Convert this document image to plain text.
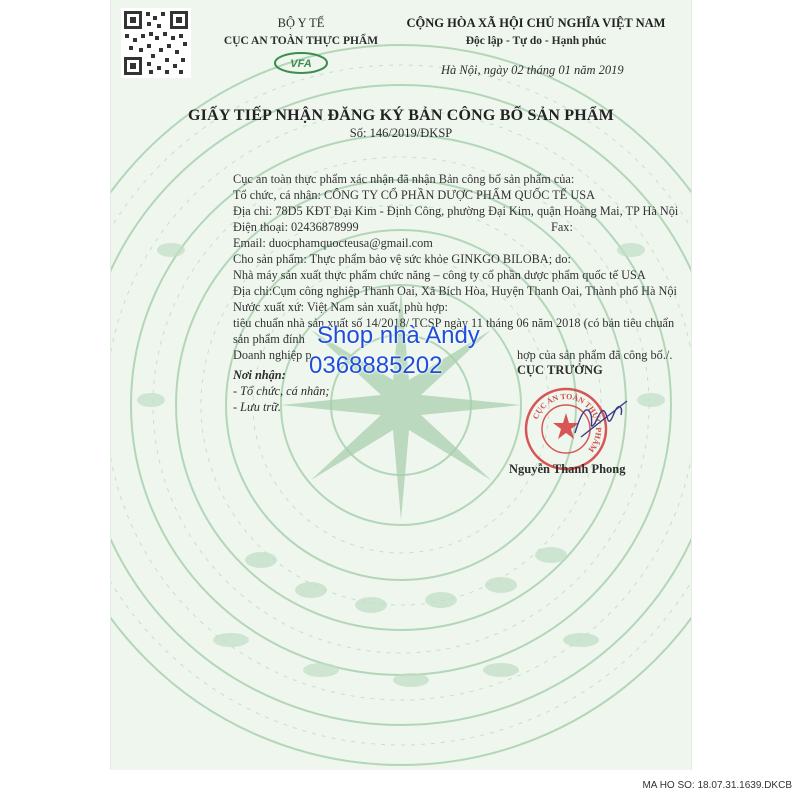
BỘ Y TẾ
CỤC AN TOÀN THỰC PHẨM
VFA
CỘNG HÒA XÃ HỘI CHỦ NGHĨA VIỆT NAM
Độc lập - Tự do - Hạnh phúc
Hà Nội, ngày 02 tháng 01 năm 2019
GIẤY TIẾP NHẬN ĐĂNG KÝ BẢN CÔNG BỐ SẢN PHẨM
Số: 146/2019/ĐKSP
Cục an toàn thực phẩm xác nhận đã nhận Bản công bố sản phẩm của:
Tổ chức, cá nhân: CÔNG TY CỔ PHẦN DƯỢC PHẨM QUỐC TẾ USA
Địa chỉ: 78D5 KĐT Đại Kim - Định Công, phường Đại Kim, quận Hoàng Mai, TP Hà Nội
Điện thoại: 02436878999	Fax:
Email: duocphamquocteusa@gmail.com
Cho sản phẩm: Thực phẩm bảo vệ sức khỏe GINKGO BILOBA; do:
Nhà máy sản xuất thực phẩm chức năng – công ty cổ phần dược phẩm quốc tế USA
Địa chỉ:Cụm công nghiệp Thanh Oai, Xã Bích Hòa, Huyện Thanh Oai, Thành phố Hà Nội
Nước xuất xứ: Việt Nam sản xuất, phù hợp:
tiêu chuẩn nhà sản xuất số 14/2018/ TCSP ngày 11 tháng 06 năm 2018 (có bản tiêu chuẩn
sản phẩm đính
Doanh nghiệp p	hợp của sản phẩm đã công bố./.
Nơi nhận:
- Tổ chức, cá nhân;
- Lưu trữ.
CỤC TRƯỞNG
CỤC AN TOÀN THỰC PHẨM
Nguyễn Thanh Phong
Shop nhà Andy
0368885202
MA HO SO: 18.07.31.1639.DKCB
